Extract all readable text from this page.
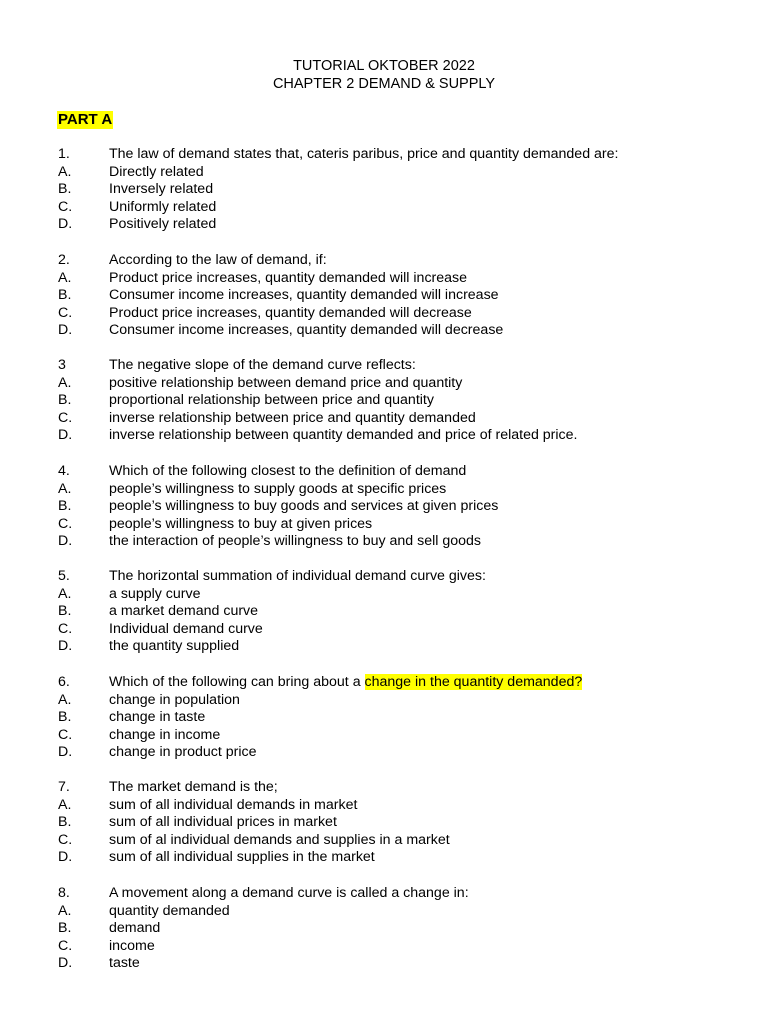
TUTORIAL OKTOBER 2022
CHAPTER 2 DEMAND & SUPPLY
PART A
1.	The law of demand states that, cateris paribus, price and quantity demanded are:
A.	Directly related
B.	Inversely related
C.	Uniformly related
D.	Positively related
2.	According to the law of demand, if:
A.	Product price increases, quantity demanded will increase
B.	Consumer income increases, quantity demanded will increase
C.	Product price increases, quantity demanded will decrease
D.	Consumer income increases, quantity demanded will decrease
3	The negative slope of the demand curve reflects:
A.	positive relationship between demand price and quantity
B.	proportional relationship between price and quantity
C.	inverse relationship between price and quantity demanded
D.	inverse relationship between quantity demanded and price of related price.
4.	Which of the following closest to the definition of demand
A.	people’s willingness to supply goods at specific prices
B.	people’s willingness to buy goods and services at given prices
C.	people’s willingness to buy at given prices
D.	the interaction of people’s willingness to buy and sell goods
5.	The horizontal summation of individual demand curve gives:
A.	a supply curve
B.	a market demand curve
C.	Individual demand curve
D.	the quantity supplied
6.	Which of the following can bring about a change in the quantity demanded?
A.	change in population
B.	change in taste
C.	change in income
D.	change in product price
7.	The market demand is the;
A.	sum of all individual demands in market
B.	sum of all individual prices in market
C.	sum of al individual demands and supplies in a market
D.	sum of all individual supplies in the market
8.	A movement along a demand curve is called a change in:
A.	quantity demanded
B.	demand
C.	income
D.	taste
